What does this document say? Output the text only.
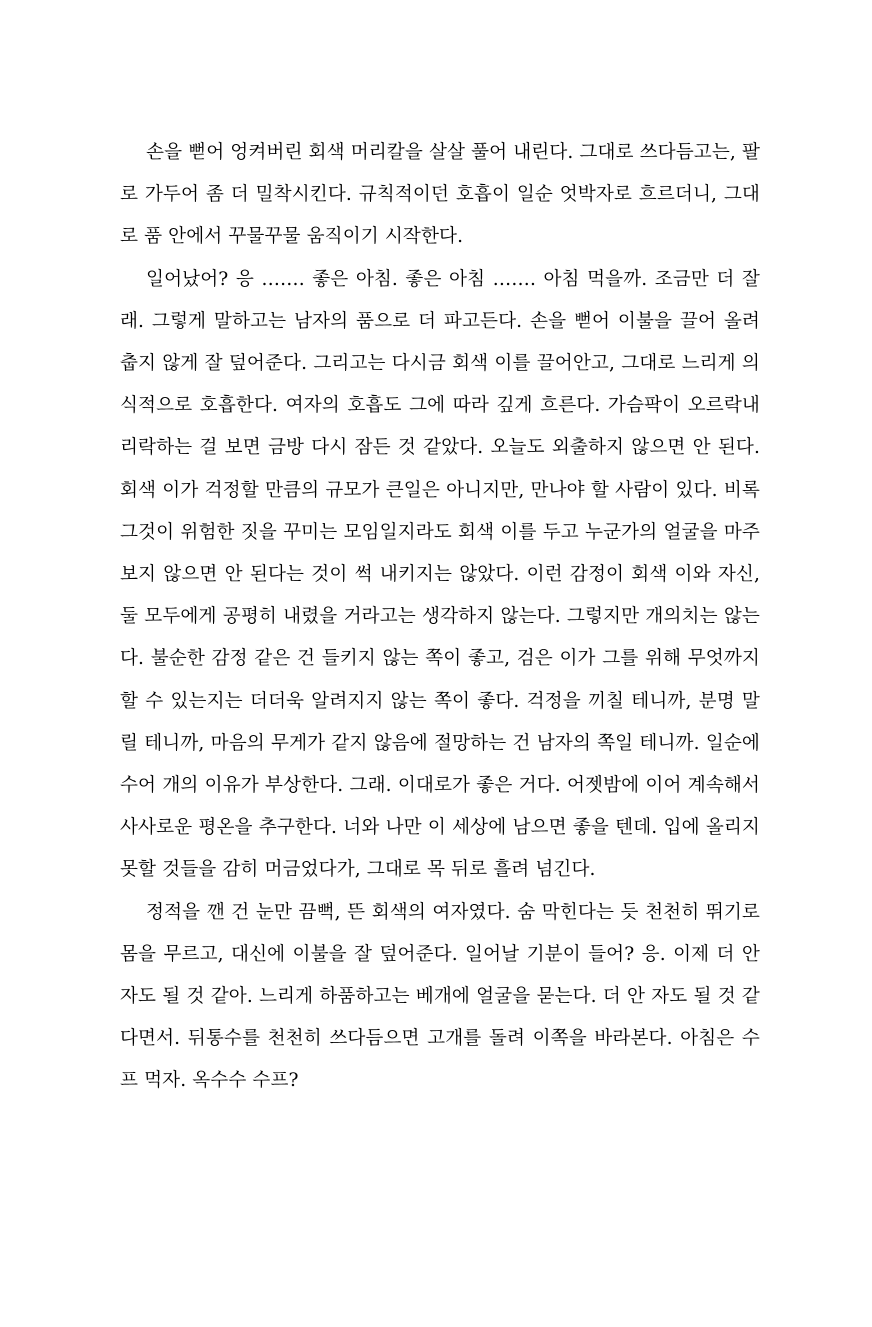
손을 뻗어 엉켜버린 회색 머리칼을 살살 풀어 내린다. 그대로 쓰다듬고는, 팔로 가두어 좀 더 밀착시킨다. 규칙적이던 호흡이 일순 엇박자로 흐르더니, 그대로 품 안에서 꾸물꾸물 움직이기 시작한다.

일어났어? 응 ……. 좋은 아침. 좋은 아침 ……. 아침 먹을까. 조금만 더 잘래. 그렇게 말하고는 남자의 품으로 더 파고든다. 손을 뻗어 이불을 끌어 올려 춥지 않게 잘 덮어준다. 그리고는 다시금 회색 이를 끌어안고, 그대로 느리게 의식적으로 호흡한다. 여자의 호흡도 그에 따라 깊게 흐른다. 가슴팍이 오르락내리락하는 걸 보면 금방 다시 잠든 것 같았다. 오늘도 외출하지 않으면 안 된다. 회색 이가 걱정할 만큼의 규모가 큰일은 아니지만, 만나야 할 사람이 있다. 비록 그것이 위험한 짓을 꾸미는 모임일지라도 회색 이를 두고 누군가의 얼굴을 마주 보지 않으면 안 된다는 것이 썩 내키지는 않았다. 이런 감정이 회색 이와 자신, 둘 모두에게 공평히 내렸을 거라고는 생각하지 않는다. 그렇지만 개의치는 않는다. 불순한 감정 같은 건 들키지 않는 쪽이 좋고, 검은 이가 그를 위해 무엇까지 할 수 있는지는 더더욱 알려지지 않는 쪽이 좋다. 걱정을 끼칠 테니까, 분명 말릴 테니까, 마음의 무게가 같지 않음에 절망하는 건 남자의 쪽일 테니까. 일순에 수어 개의 이유가 부상한다. 그래. 이대로가 좋은 거다. 어젯밤에 이어 계속해서 사사로운 평온을 추구한다. 너와 나만 이 세상에 남으면 좋을 텐데. 입에 올리지 못할 것들을 감히 머금었다가, 그대로 목 뒤로 흘려 넘긴다.

정적을 깬 건 눈만 끔뻑, 뜬 회색의 여자였다. 숨 막힌다는 듯 천천히 뛰기로 몸을 무르고, 대신에 이불을 잘 덮어준다. 일어날 기분이 들어? 응. 이제 더 안 자도 될 것 같아. 느리게 하품하고는 베개에 얼굴을 묻는다. 더 안 자도 될 것 같다면서. 뒤통수를 천천히 쓰다듬으면 고개를 돌려 이쪽을 바라본다. 아침은 수프 먹자. 옥수수 수프?
